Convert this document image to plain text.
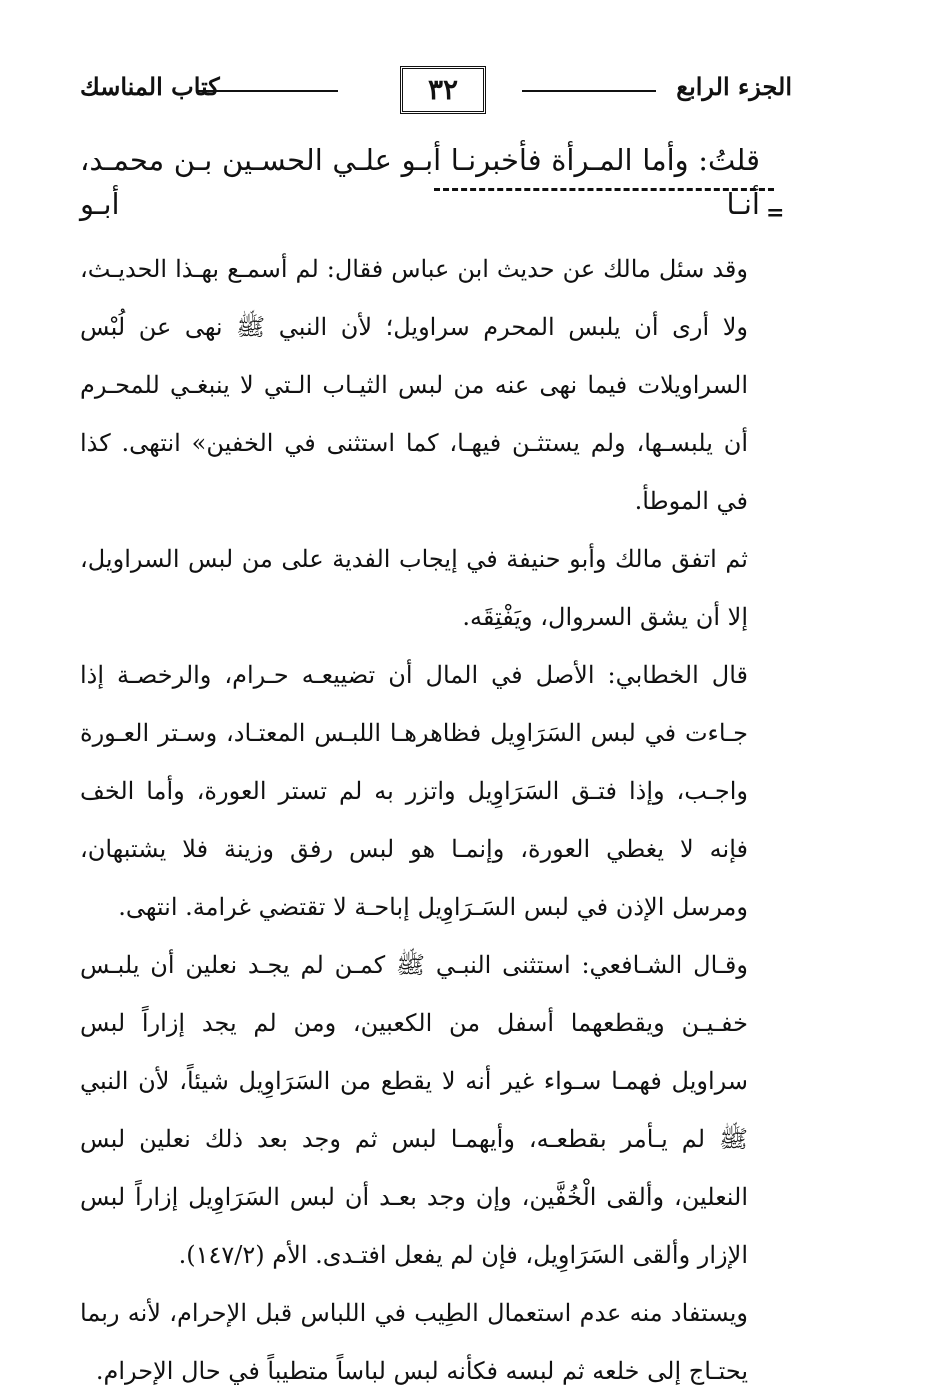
الجزء الرابع
٣٢
كتاب المناسك
قلتُ: وأما المـرأة فأخبرنـا أبـو علـي الحسـين بـن محمـد، أنـا أبـو =

وقد سئل مالك عن حديث ابن عباس فقال: لم أسمـع بهـذا الحديـث، ولا أرى أن يلبس المحرم سراويل؛ لأن النبي ﷺ نهى عن لُبْس السراويلات فيما نهى عنه من لبس الثيـاب الـتي لا ينبغـي للمحـرم أن يلبسـها، ولم يستثـن فيهـا، كما استثنى في الخفين» انتهى. كذا في الموطأ.

ثم اتفق مالك وأبو حنيفة في إيجاب الفدية على من لبس السراويل، إلا أن يشق السروال، ويَفْتِقَه.

قال الخطابي: الأصل في المال أن تضييعـه حـرام، والرخصـة إذا جـاءت في لبس السَرَاوِيل فظاهرهـا اللبـس المعتـاد، وسـتر العـورة واجـب، وإذا فتـق السَرَاوِيل واتزر به لم تستر العورة، وأما الخف فإنه لا يغطي العورة، وإنمـا هو لبس رفق وزينة فلا يشتبهان، ومرسل الإذن في لبس السَـرَاوِيل إباحـة لا تقتضي غرامة. انتهى.

وقـال الشـافعي: استثنى النبـي ﷺ كمـن لم يجـد نعلين أن يلبـس خفـيـن ويقطعهما أسفل من الكعبين، ومن لم يجد إزاراً لبس سراويل فهمـا سـواء غير أنه لا يقطع من السَرَاوِيل شيئاً، لأن النبي ﷺ لم يـأمر بقطعـه، وأيهمـا لبس ثم وجد بعد ذلك نعلين لبس النعلين، وألقى الْخُفَّين، وإن وجد بعـد أن لبس السَرَاوِيل إزاراً لبس الإزار وألقى السَرَاوِيل، فإن لم يفعل افتـدى. الأم (١٤٧/٢).

ويستفاد منه عدم استعمال الطِيب في اللباس قبل الإحرام، لأنه ربما يحتـاج إلى خلعه ثم لبسه فكأنه لبس لباساً متطيباً في حال الإحرام.
